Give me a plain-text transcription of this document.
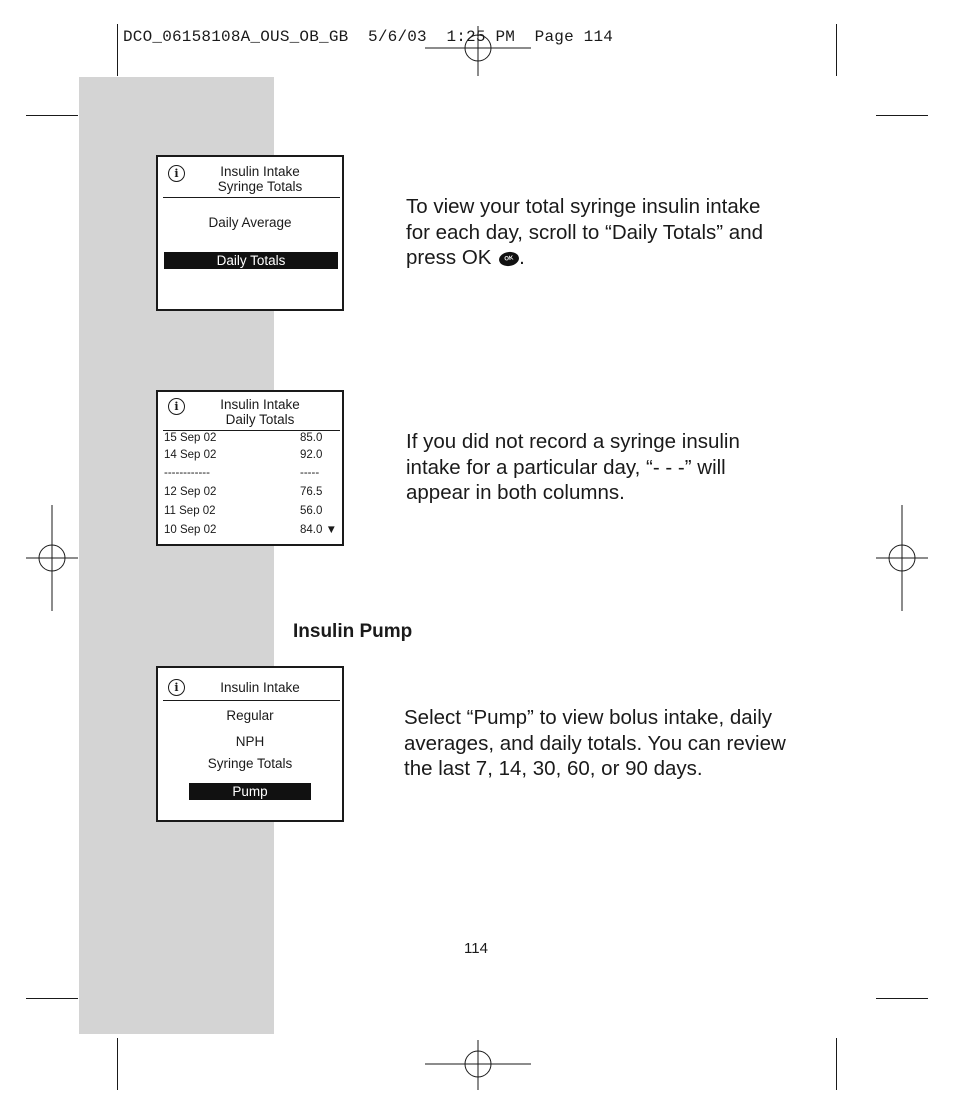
DCO_06158108A_OUS_OB_GB  5/6/03  1:25 PM  Page 114
i	Insulin Intake
Syringe Totals
Daily Average
Daily Totals
To view your total syringe insulin intake
for each day, scroll to “Daily Totals” and
press OK OK .
i	Insulin Intake
Daily Totals
15 Sep 02	85.0
14 Sep 02	92.0
------------	-----
12 Sep 02	76.5
11 Sep 02	56.0
10 Sep 02	84.0 ▼
If you did not record a syringe insulin
intake for a particular day, “- - -” will
appear in both columns.
Insulin Pump
i	Insulin Intake
Regular
NPH
Syringe Totals
Pump
Select “Pump” to view bolus intake, daily
averages, and daily totals. You can review
the last 7, 14, 30, 60, or 90 days.
114
